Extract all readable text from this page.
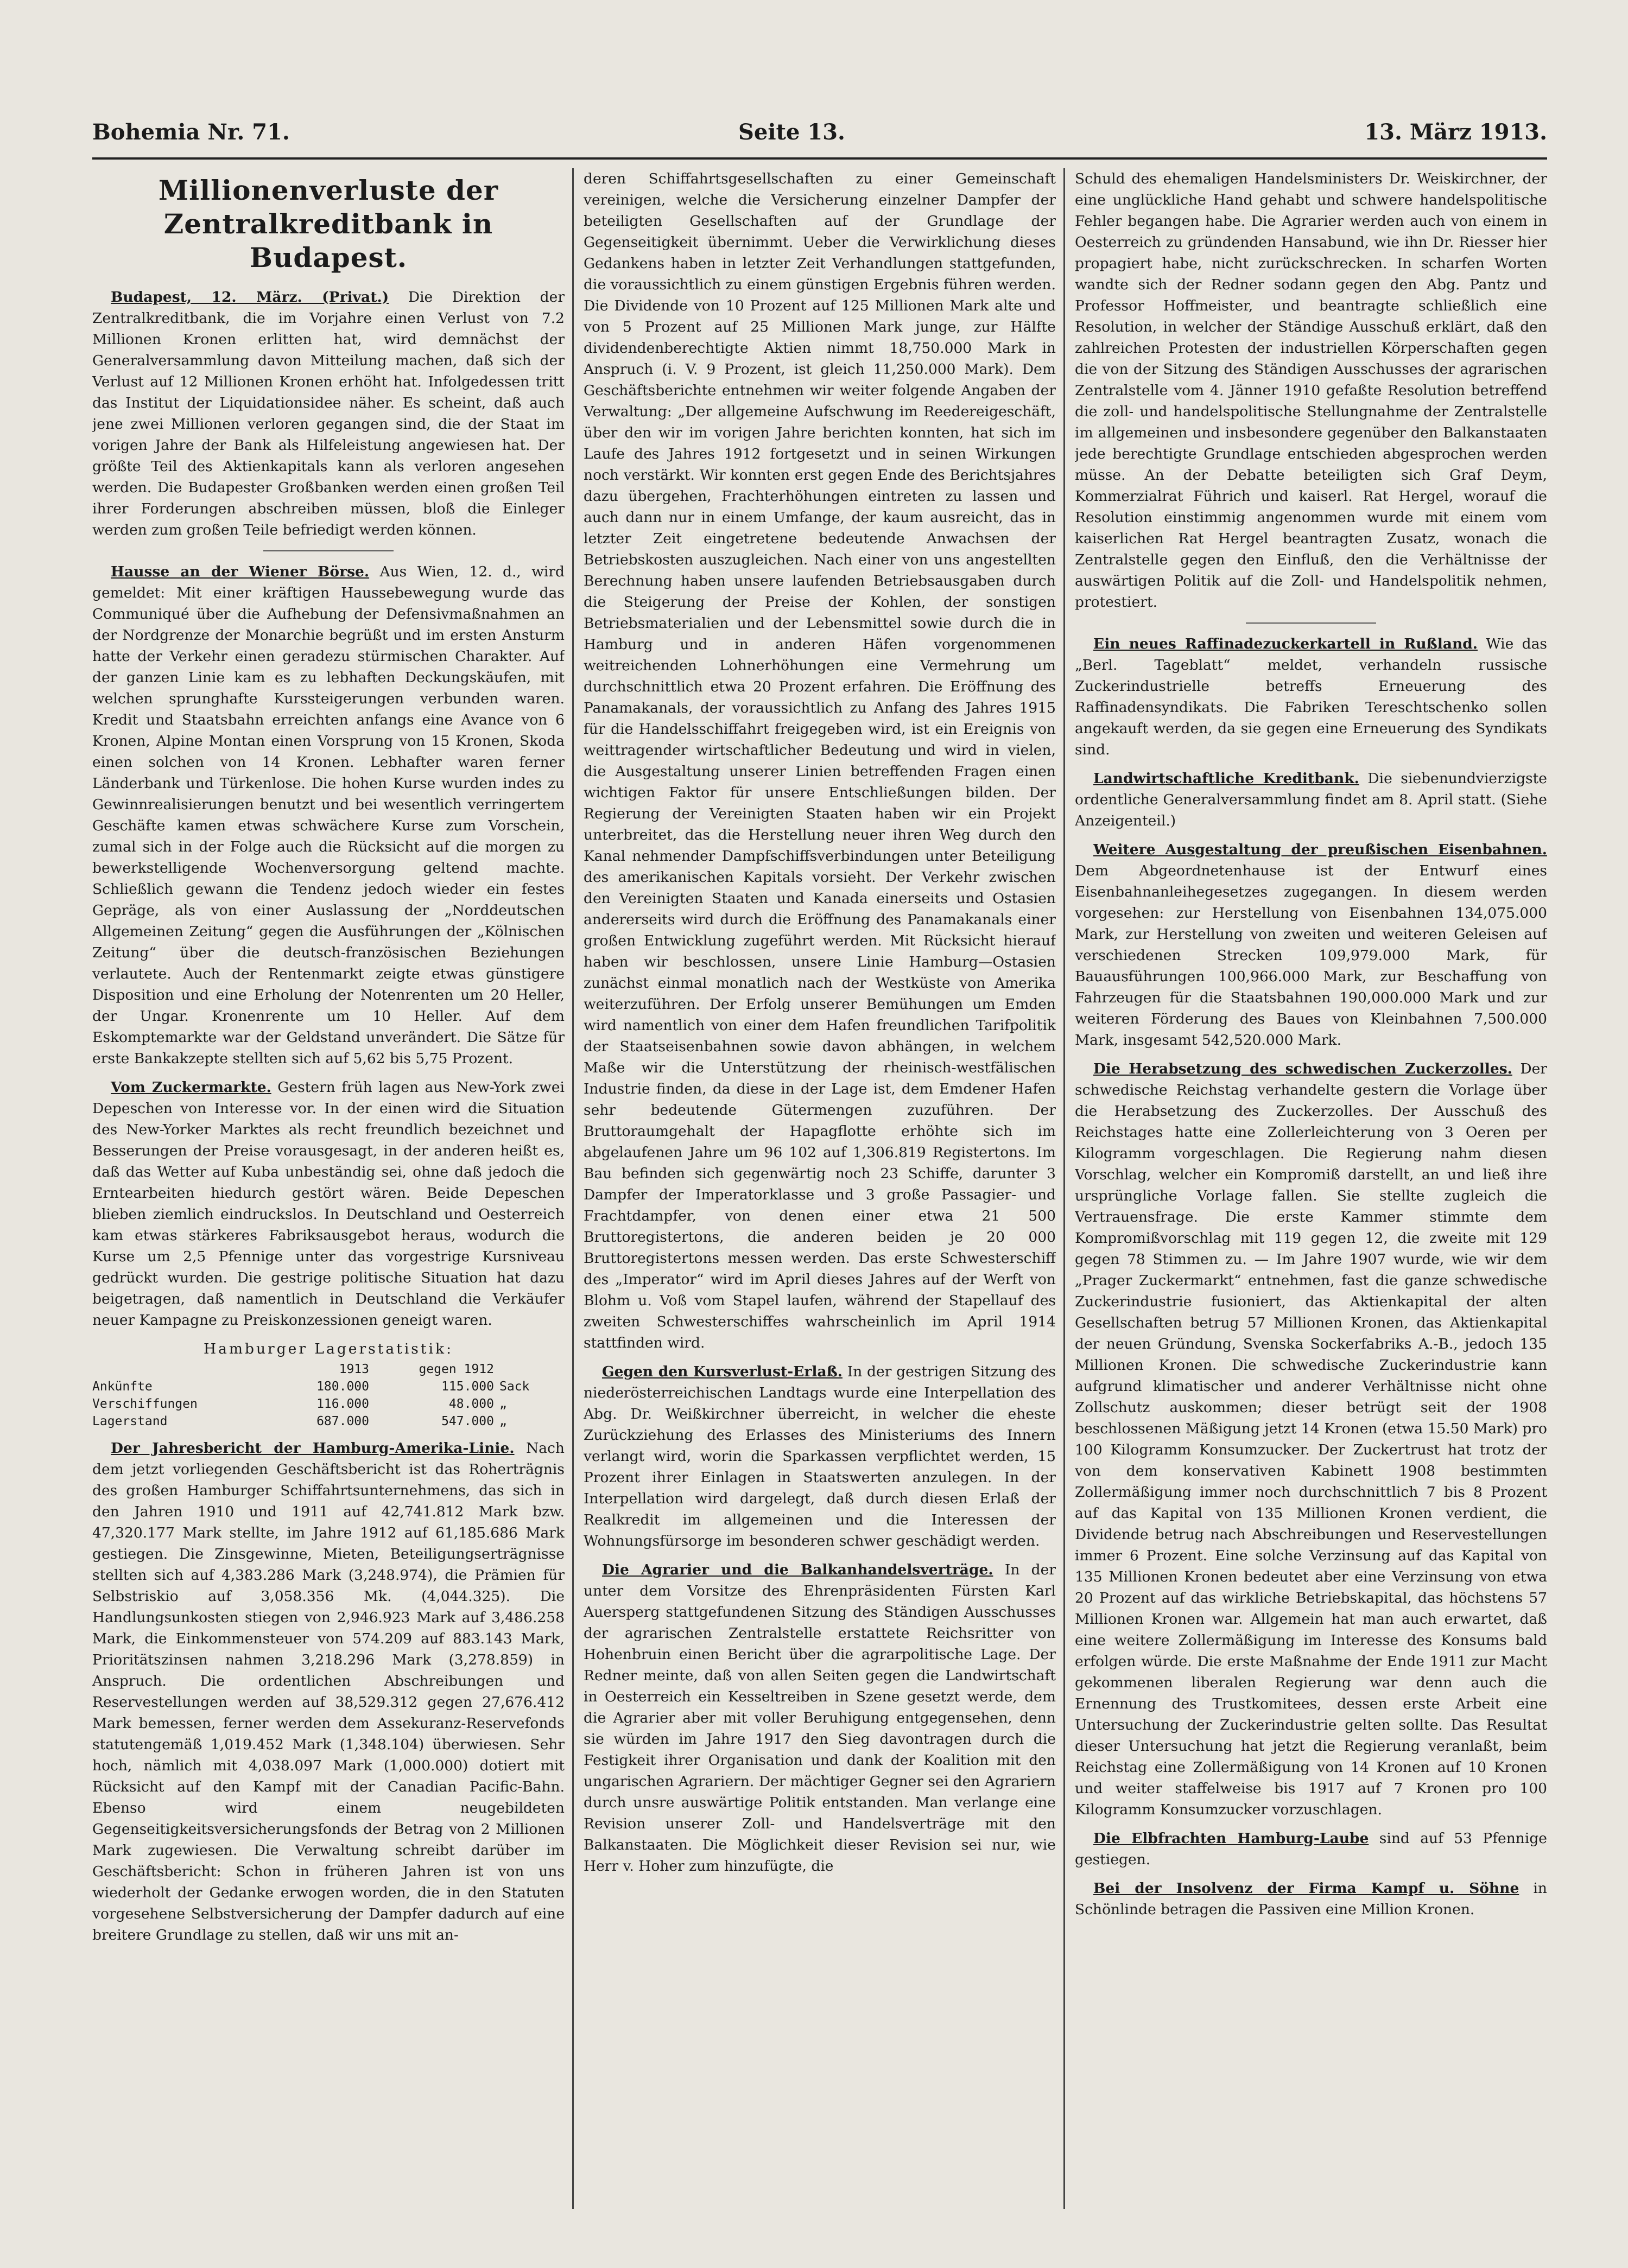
Bohemia Nr. 71.	Seite 13.	13. März 1913.
Millionenverluste der Zentralkreditbank in Budapest.

Budapest, 12. März. (Privat.) Die Direktion der Zentralkreditbank, die im Vorjahre einen Verlust von 7.2 Millionen Kronen erlitten hat, wird demnächst der Generalversammlung davon Mitteilung machen, daß sich der Verlust auf 12 Millionen Kronen erhöht hat. Infolgedessen tritt das Institut der Liquidationsidee näher. Es scheint, daß auch jene zwei Millionen verloren gegangen sind, die der Staat im vorigen Jahre der Bank als Hilfeleistung angewiesen hat. Der größte Teil des Aktienkapitals kann als verloren angesehen werden. Die Budapester Großbanken werden einen großen Teil ihrer Forderungen abschreiben müssen, bloß die Einleger werden zum großen Teile befriedigt werden können.

Hausse an der Wiener Börse. Aus Wien, 12. d., wird gemeldet: Mit einer kräftigen Haussebewegung wurde das Communiqué über die Aufhebung der Defensivmaßnahmen an der Nordgrenze der Monarchie begrüßt und im ersten Ansturm hatte der Verkehr einen geradezu stürmischen Charakter. Auf der ganzen Linie kam es zu lebhaften Deckungskäufen, mit welchen sprunghafte Kurssteigerungen verbunden waren. Kredit und Staatsbahn erreichten anfangs eine Avance von 6 Kronen, Alpine Montan einen Vorsprung von 15 Kronen, Skoda einen solchen von 14 Kronen. Lebhafter waren ferner Länderbank und Türkenlose. Die hohen Kurse wurden indes zu Gewinnrealisierungen benutzt und bei wesentlich verringertem Geschäfte kamen etwas schwächere Kurse zum Vorschein, zumal sich in der Folge auch die Rücksicht auf die morgen zu bewerkstelligende Wochenversorgung geltend machte. Schließlich gewann die Tendenz jedoch wieder ein festes Gepräge, als von einer Auslassung der „Norddeutschen Allgemeinen Zeitung“ gegen die Ausführungen der „Kölnischen Zeitung“ über die deutsch-französischen Beziehungen verlautete. Auch der Rentenmarkt zeigte etwas günstigere Disposition und eine Erholung der Notenrenten um 20 Heller, der Ungar. Kronenrente um 10 Heller. Auf dem Eskomptemarkte war der Geldstand unverändert. Die Sätze für erste Bankakzepte stellten sich auf 5,62 bis 5,75 Prozent.

Vom Zuckermarkte. Gestern früh lagen aus New-York zwei Depeschen von Interesse vor. In der einen wird die Situation des New-Yorker Marktes als recht freundlich bezeichnet und Besserungen der Preise vorausgesagt, in der anderen heißt es, daß das Wetter auf Kuba unbeständig sei, ohne daß jedoch die Erntearbeiten hiedurch gestört wären. Beide Depeschen blieben ziemlich eindruckslos. In Deutschland und Oesterreich kam etwas stärkeres Fabriksausgebot heraus, wodurch die Kurse um 2,5 Pfennige unter das vorgestrige Kursniveau gedrückt wurden. Die gestrige politische Situation hat dazu beigetragen, daß namentlich in Deutschland die Verkäufer neuer Kampagne zu Preiskonzessionen geneigt waren.

Hamburger Lagerstatistik:
1913	gegen 1912
Ankünfte	180.000	115.000 Sack
Verschiffungen	116.000	48.000 „
Lagerstand	687.000	547.000 „

Der Jahresbericht der Hamburg-Amerika-Linie. Nach dem jetzt vorliegenden Geschäftsbericht ist das Roherträgnis des großen Hamburger Schiffahrtsunternehmens, das sich in den Jahren 1910 und 1911 auf 42,741.812 Mark bzw. 47,320.177 Mark stellte, im Jahre 1912 auf 61,185.686 Mark gestiegen. Die Zinsgewinne, Mieten, Beteiligungserträgnisse stellten sich auf 4,383.286 Mark (3,248.974), die Prämien für Selbstriskio auf 3,058.356 Mk. (4,044.325). Die Handlungsunkosten stiegen von 2,946.923 Mark auf 3,486.258 Mark, die Einkommensteuer von 574.209 auf 883.143 Mark, Prioritätszinsen nahmen 3,218.296 Mark (3,278.859) in Anspruch. Die ordentlichen Abschreibungen und Reservestellungen werden auf 38,529.312 gegen 27,676.412 Mark bemessen, ferner werden dem Assekuranz-Reservefonds statutengemäß 1,019.452 Mark (1,348.104) überwiesen. Sehr hoch, nämlich mit 4,038.097 Mark (1,000.000) dotiert mit Rücksicht auf den Kampf mit der Canadian Pacific-Bahn. Ebenso wird einem neugebildeten Gegenseitigkeitsversicherungsfonds der Betrag von 2 Millionen Mark zugewiesen. Die Verwaltung schreibt darüber im Geschäftsbericht: Schon in früheren Jahren ist von uns wiederholt der Gedanke erwogen worden, die in den Statuten vorgesehene Selbstversicherung der Dampfer dadurch auf eine breitere Grundlage zu stellen, daß wir uns mit an-

deren Schiffahrtsgesellschaften zu einer Gemeinschaft vereinigen, welche die Versicherung einzelner Dampfer der beteiligten Gesellschaften auf der Grundlage der Gegenseitigkeit übernimmt. Ueber die Verwirklichung dieses Gedankens haben in letzter Zeit Verhandlungen stattgefunden, die voraussichtlich zu einem günstigen Ergebnis führen werden. Die Dividende von 10 Prozent auf 125 Millionen Mark alte und von 5 Prozent auf 25 Millionen Mark junge, zur Hälfte dividendenberechtigte Aktien nimmt 18,750.000 Mark in Anspruch (i. V. 9 Prozent, ist gleich 11,250.000 Mark). Dem Geschäftsberichte entnehmen wir weiter folgende Angaben der Verwaltung: „Der allgemeine Aufschwung im Reedereigeschäft, über den wir im vorigen Jahre berichten konnten, hat sich im Laufe des Jahres 1912 fortgesetzt und in seinen Wirkungen noch verstärkt. Wir konnten erst gegen Ende des Berichtsjahres dazu übergehen, Frachterhöhungen eintreten zu lassen und auch dann nur in einem Umfange, der kaum ausreicht, das in letzter Zeit eingetretene bedeutende Anwachsen der Betriebskosten auszugleichen. Nach einer von uns angestellten Berechnung haben unsere laufenden Betriebsausgaben durch die Steigerung der Preise der Kohlen, der sonstigen Betriebsmaterialien und der Lebensmittel sowie durch die in Hamburg und in anderen Häfen vorgenommenen weitreichenden Lohnerhöhungen eine Vermehrung um durchschnittlich etwa 20 Prozent erfahren. Die Eröffnung des Panamakanals, der voraussichtlich zu Anfang des Jahres 1915 für die Handelsschiffahrt freigegeben wird, ist ein Ereignis von weittragender wirtschaftlicher Bedeutung und wird in vielen, die Ausgestaltung unserer Linien betreffenden Fragen einen wichtigen Faktor für unsere Entschließungen bilden. Der Regierung der Vereinigten Staaten haben wir ein Projekt unterbreitet, das die Herstellung neuer ihren Weg durch den Kanal nehmender Dampfschiffsverbindungen unter Beteiligung des amerikanischen Kapitals vorsieht. Der Verkehr zwischen den Vereinigten Staaten und Kanada einerseits und Ostasien andererseits wird durch die Eröffnung des Panamakanals einer großen Entwicklung zugeführt werden. Mit Rücksicht hierauf haben wir beschlossen, unsere Linie Hamburg—Ostasien zunächst einmal monatlich nach der Westküste von Amerika weiterzuführen. Der Erfolg unserer Bemühungen um Emden wird namentlich von einer dem Hafen freundlichen Tarifpolitik der Staatseisenbahnen sowie davon abhängen, in welchem Maße wir die Unterstützung der rheinisch-westfälischen Industrie finden, da diese in der Lage ist, dem Emdener Hafen sehr bedeutende Gütermengen zuzuführen. Der Bruttoraumgehalt der Hapagflotte erhöhte sich im abgelaufenen Jahre um 96 102 auf 1,306.819 Registertons. Im Bau befinden sich gegenwärtig noch 23 Schiffe, darunter 3 Dampfer der Imperatorklasse und 3 große Passagier- und Frachtdampfer, von denen einer etwa 21 500 Bruttoregistertons, die anderen beiden je 20 000 Bruttoregistertons messen werden. Das erste Schwesterschiff des „Imperator“ wird im April dieses Jahres auf der Werft von Blohm u. Voß vom Stapel laufen, während der Stapellauf des zweiten Schwesterschiffes wahrscheinlich im April 1914 stattfinden wird.

Gegen den Kursverlust-Erlaß. In der gestrigen Sitzung des niederösterreichischen Landtags wurde eine Interpellation des Abg. Dr. Weißkirchner überreicht, in welcher die eheste Zurückziehung des Erlasses des Ministeriums des Innern verlangt wird, worin die Sparkassen verpflichtet werden, 15 Prozent ihrer Einlagen in Staatswerten anzulegen. In der Interpellation wird dargelegt, daß durch diesen Erlaß der Realkredit im allgemeinen und die Interessen der Wohnungsfürsorge im besonderen schwer geschädigt werden.

Die Agrarier und die Balkanhandelsverträge. In der unter dem Vorsitze des Ehrenpräsidenten Fürsten Karl Auersperg stattgefundenen Sitzung des Ständigen Ausschusses der agrarischen Zentralstelle erstattete Reichsritter von Hohenbruin einen Bericht über die agrarpolitische Lage. Der Redner meinte, daß von allen Seiten gegen die Landwirtschaft in Oesterreich ein Kesseltreiben in Szene gesetzt werde, dem die Agrarier aber mit voller Beruhigung entgegensehen, denn sie würden im Jahre 1917 den Sieg davontragen durch die Festigkeit ihrer Organisation und dank der Koalition mit den ungarischen Agrariern. Der mächtiger Gegner sei den Agrariern durch unsre auswärtige Politik entstanden. Man verlange eine Revision unserer Zoll- und Handelsverträge mit den Balkanstaaten. Die Möglichkeit dieser Revision sei nur, wie Herr v. Hoher zum hinzufügte, die

Schuld des ehemaligen Handelsministers Dr. Weiskirchner, der eine unglückliche Hand gehabt und schwere handelspolitische Fehler begangen habe. Die Agrarier werden auch von einem in Oesterreich zu gründenden Hansabund, wie ihn Dr. Riesser hier propagiert habe, nicht zurückschrecken. In scharfen Worten wandte sich der Redner sodann gegen den Abg. Pantz und Professor Hoffmeister, und beantragte schließlich eine Resolution, in welcher der Ständige Ausschuß erklärt, daß den zahlreichen Protesten der industriellen Körperschaften gegen die von der Sitzung des Ständigen Ausschusses der agrarischen Zentralstelle vom 4. Jänner 1910 gefaßte Resolution betreffend die zoll- und handelspolitische Stellungnahme der Zentralstelle im allgemeinen und insbesondere gegenüber den Balkanstaaten jede berechtigte Grundlage entschieden abgesprochen werden müsse. An der Debatte beteiligten sich Graf Deym, Kommerzialrat Führich und kaiserl. Rat Hergel, worauf die Resolution einstimmig angenommen wurde mit einem vom kaiserlichen Rat Hergel beantragten Zusatz, wonach die Zentralstelle gegen den Einfluß, den die Verhältnisse der auswärtigen Politik auf die Zoll- und Handelspolitik nehmen, protestiert.

Ein neues Raffinadezuckerkartell in Rußland. Wie das „Berl. Tageblatt“ meldet, verhandeln russische Zuckerindustrielle betreffs Erneuerung des Raffinadensyndikats. Die Fabriken Tereschtschenko sollen angekauft werden, da sie gegen eine Erneuerung des Syndikats sind.

Landwirtschaftliche Kreditbank. Die siebenundvierzigste ordentliche Generalversammlung findet am 8. April statt. (Siehe Anzeigenteil.)

Weitere Ausgestaltung der preußischen Eisenbahnen. Dem Abgeordnetenhause ist der Entwurf eines Eisenbahnanleihegesetzes zugegangen. In diesem werden vorgesehen: zur Herstellung von Eisenbahnen 134,075.000 Mark, zur Herstellung von zweiten und weiteren Geleisen auf verschiedenen Strecken 109,979.000 Mark, für Bauausführungen 100,966.000 Mark, zur Beschaffung von Fahrzeugen für die Staatsbahnen 190,000.000 Mark und zur weiteren Förderung des Baues von Kleinbahnen 7,500.000 Mark, insgesamt 542,520.000 Mark.

Die Herabsetzung des schwedischen Zuckerzolles. Der schwedische Reichstag verhandelte gestern die Vorlage über die Herabsetzung des Zuckerzolles. Der Ausschuß des Reichstages hatte eine Zollerleichterung von 3 Oeren per Kilogramm vorgeschlagen. Die Regierung nahm diesen Vorschlag, welcher ein Kompromiß darstellt, an und ließ ihre ursprüngliche Vorlage fallen. Sie stellte zugleich die Vertrauensfrage. Die erste Kammer stimmte dem Kompromißvorschlag mit 119 gegen 12, die zweite mit 129 gegen 78 Stimmen zu. — Im Jahre 1907 wurde, wie wir dem „Prager Zuckermarkt“ entnehmen, fast die ganze schwedische Zuckerindustrie fusioniert, das Aktienkapital der alten Gesellschaften betrug 57 Millionen Kronen, das Aktienkapital der neuen Gründung, Svenska Sockerfabriks A.-B., jedoch 135 Millionen Kronen. Die schwedische Zuckerindustrie kann aufgrund klimatischer und anderer Verhältnisse nicht ohne Zollschutz auskommen; dieser betrügt seit der 1908 beschlossenen Mäßigung jetzt 14 Kronen (etwa 15.50 Mark) pro 100 Kilogramm Konsumzucker. Der Zuckertrust hat trotz der von dem konservativen Kabinett 1908 bestimmten Zollermäßigung immer noch durchschnittlich 7 bis 8 Prozent auf das Kapital von 135 Millionen Kronen verdient, die Dividende betrug nach Abschreibungen und Reservestellungen immer 6 Prozent. Eine solche Verzinsung auf das Kapital von 135 Millionen Kronen bedeutet aber eine Verzinsung von etwa 20 Prozent auf das wirkliche Betriebskapital, das höchstens 57 Millionen Kronen war. Allgemein hat man auch erwartet, daß eine weitere Zollermäßigung im Interesse des Konsums bald erfolgen würde. Die erste Maßnahme der Ende 1911 zur Macht gekommenen liberalen Regierung war denn auch die Ernennung des Trustkomitees, dessen erste Arbeit eine Untersuchung der Zuckerindustrie gelten sollte. Das Resultat dieser Untersuchung hat jetzt die Regierung veranlaßt, beim Reichstag eine Zollermäßigung von 14 Kronen auf 10 Kronen und weiter staffelweise bis 1917 auf 7 Kronen pro 100 Kilogramm Konsumzucker vorzuschlagen.

Die Elbfrachten Hamburg-Laube sind auf 53 Pfennige gestiegen.

Bei der Insolvenz der Firma Kampf u. Söhne in Schönlinde betragen die Passiven eine Million Kronen.
